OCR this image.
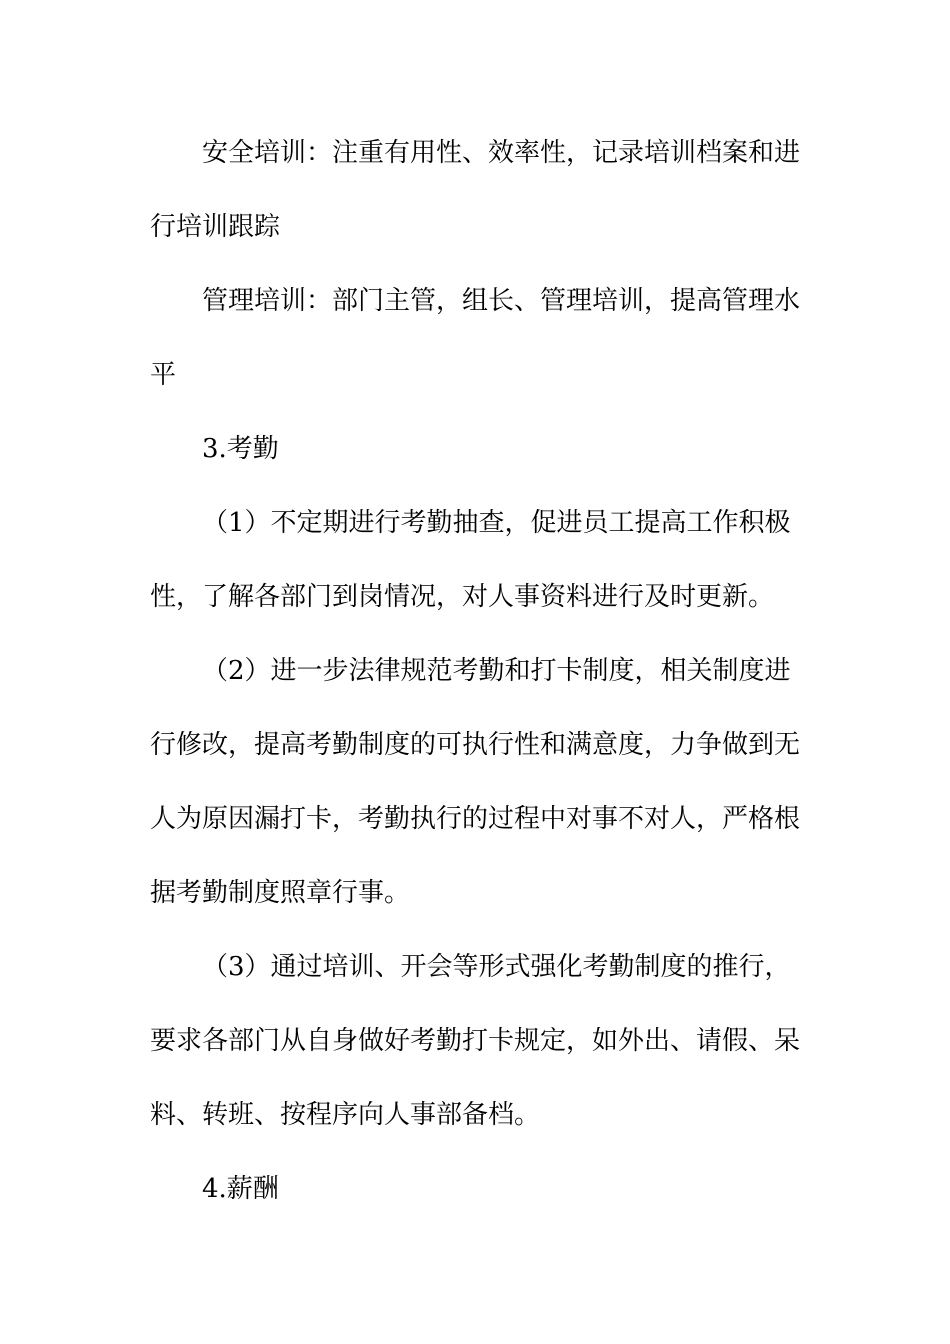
安全培训：注重有用性、效率性，记录培训档案和进行培训跟踪

管理培训：部门主管，组长、管理培训，提高管理水平

3.考勤

（1）不定期进行考勤抽查，促进员工提高工作积极性，了解各部门到岗情况，对人事资料进行及时更新。

（2）进一步法律规范考勤和打卡制度，相关制度进行修改，提高考勤制度的可执行性和满意度，力争做到无人为原因漏打卡，考勤执行的过程中对事不对人，严格根据考勤制度照章行事。

（3）通过培训、开会等形式强化考勤制度的推行，要求各部门从自身做好考勤打卡规定，如外出、请假、呆料、转班、按程序向人事部备档。

4.薪酬
